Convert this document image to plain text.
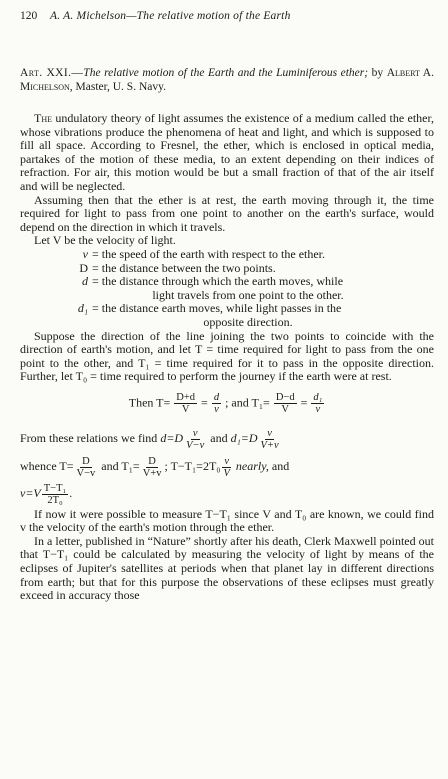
120	A. A. Michelson—The relative motion of the Earth

Art. XXI.—The relative motion of the Earth and the Luminiferous ether; by Albert A. Michelson, Master, U. S. Navy.

The undulatory theory of light assumes the existence of a medium called the ether, whose vibrations produce the phenomena of heat and light, and which is supposed to fill all space. According to Fresnel, the ether, which is enclosed in optical media, partakes of the motion of these media, to an extent depending on their indices of refraction. For air, this motion would be but a small fraction of that of the air itself and will be neglected.

Assuming then that the ether is at rest, the earth moving through it, the time required for light to pass from one point to another on the earth's surface, would depend on the direction in which it travels.

Let V be the velocity of light.

v = the speed of the earth with respect to the ether.
D = the distance between the two points.
d = the distance through which the earth moves, while
light travels from one point to the other.
d₁ = the distance earth moves, while light passes in the
opposite direction.

Suppose the direction of the line joining the two points to coincide with the direction of earth's motion, and let T = time required for light to pass from the one point to the other, and T₁ = time required for it to pass in the opposite direction. Further, let T₀ = time required to perform the journey if the earth were at rest.

Then $T= \frac{D+d}{V} = \frac{d}{v}$ ; and $T_1= \frac{D-d}{V} = \frac{\text{d₁}}{v}$
From these relations we find $d=D \frac{v}{V-v}$ and $d_1=D \frac{v}{V+v}$
whence $T= \frac{D}{V-v}$ and $T_1= \frac{D}{V+v}$ ; $T-T_1=2T_0 \frac{v}{V}$ nearly, and
$v=V \frac{\text{T−T₁}}{\text{2T₀}}$ .

If now it were possible to measure T−T₁ since V and T₀ are known, we could find v the velocity of the earth's motion through the ether.

In a letter, published in “Nature” shortly after his death, Clerk Maxwell pointed out that T−T₁ could be calculated by measuring the velocity of light by means of the eclipses of Jupiter's satellites at periods when that planet lay in different directions from earth; but that for this purpose the observations of these eclipses must greatly exceed in accuracy those
